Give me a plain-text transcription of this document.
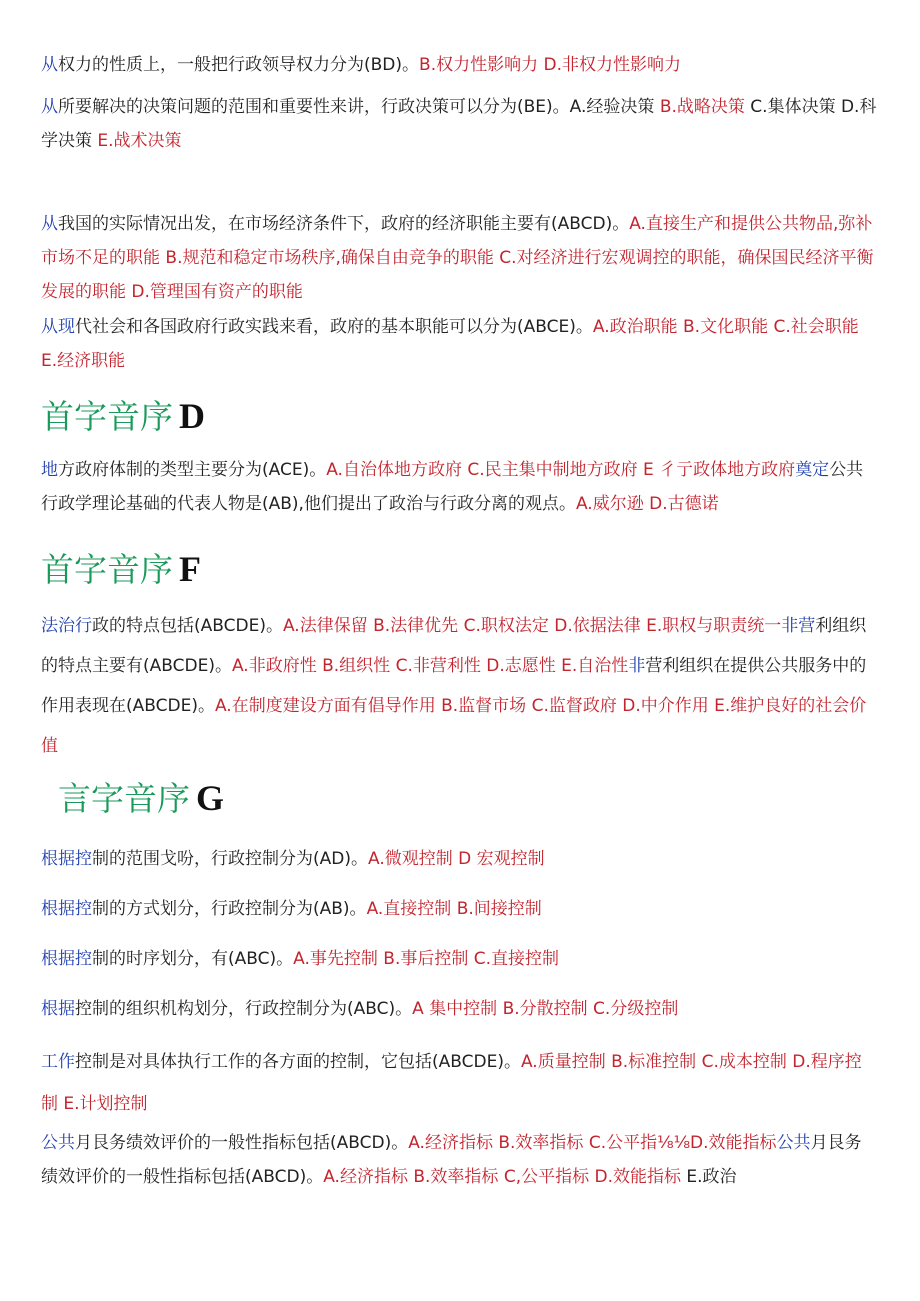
从权力的性质上，一般把行政领导权力分为(BD)。B.权力性影响力 D.非权力性影响力

从所要解决的决策问题的范围和重要性来讲，行政决策可以分为(BE)。A.经验决策 B.战略决策 C.集体决策 D.科学决策 E.战术决策

从我国的实际情况出发，在市场经济条件下，政府的经济职能主要有(ABCD)。A.直接生产和提供公共物品,弥补市场不足的职能 B.规范和稳定市场秩序,确保自由竞争的职能 C.对经济进行宏观调控的职能，确保国民经济平衡发展的职能 D.管理国有资产的职能

从现代社会和各国政府行政实践来看，政府的基本职能可以分为(ABCE)。A.政治职能 B.文化职能 C.社会职能 E.经济职能

首字音序 D

地方政府体制的类型主要分为(ACE)。A.自治体地方政府 C.民主集中制地方政府 E 彳亍政体地方政府奠定公共行政学理论基础的代表人物是(AB),他们提出了政治与行政分离的观点。A.威尔逊 D.古德诺

首字音序 F

法治行政的特点包括(ABCDE)。A.法律保留 B.法律优先 C.职权法定 D.依据法律 E.职权与职责统一非营利组织的特点主要有(ABCDE)。A.非政府性 B.组织性 C.非营利性 D.志愿性 E.自治性非营利组织在提供公共服务中的作用表现在(ABCDE)。A.在制度建设方面有倡导作用 B.监督市场 C.监督政府 D.中介作用 E.维护良好的社会价值

言字音序 G

根据控制的范围戈吩，行政控制分为(AD)。A.微观控制 D 宏观控制

根据控制的方式划分，行政控制分为(AB)。A.直接控制 B.间接控制

根据控制的时序划分，有(ABC)。A.事先控制 B.事后控制 C.直接控制

根据控制的组织机构划分，行政控制分为(ABC)。A 集中控制 B.分散控制 C.分级控制

工作控制是对具体执行工作的各方面的控制，它包括(ABCDE)。A.质量控制 B.标准控制 C.成本控制 D.程序控制 E.计划控制

公共月艮务绩效评价的一般性指标包括(ABCD)。A.经济指标 B.效率指标 C.公平指⅛⅛D.效能指标公共月艮务绩效评价的一般性指标包括(ABCD)。A.经济指标 B.效率指标 C,公平指标 D.效能指标 E.政治
